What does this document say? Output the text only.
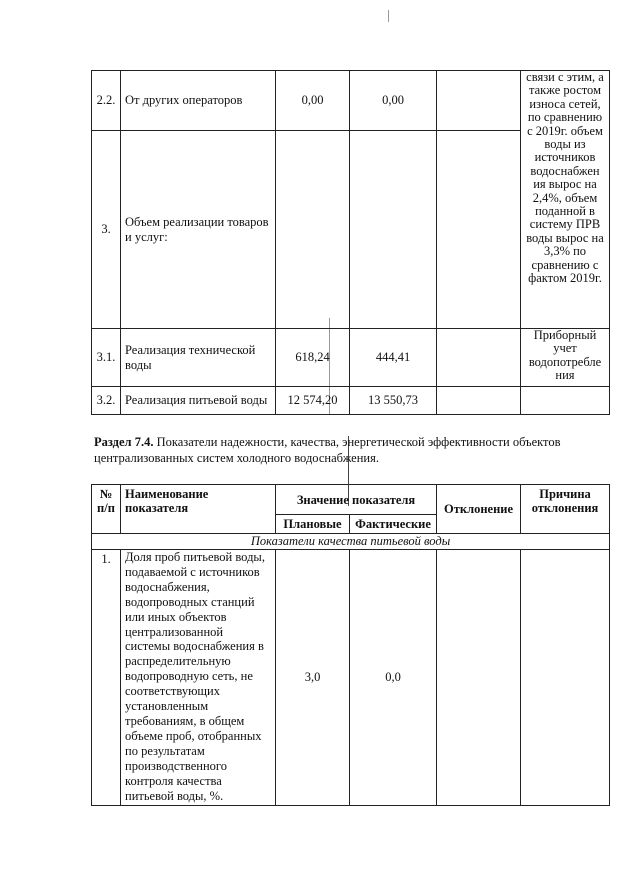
2.2.	От других операторов	0,00	0,00		связи с этим, а также ростом износа сетей, по сравнению с 2019г. объем воды из источников водоснабжен ия вырос на 2,4%, объем поданной в систему ПРВ воды вырос на 3,3% по сравнению с фактом 2019г.
3.	Объем реализации товаров и услуг:				
3.1.	Реализация технической воды	618,24	444,41		Приборный учет водопотребле ния
3.2.	Реализация питьевой воды	12 574,20	13 550,73		
Раздел 7.4. Показатели надежности, качества, энергетической эффективности объектов централизованных систем холодного водоснабжения.
№ п/п	Наименование показателя	Значение показателя		Отклонение	Причина отклонения
		Плановые	Фактические		
Показатели качества питьевой воды					
1.	Доля проб питьевой воды, подаваемой с источников водоснабжения, водопроводных станций или иных объектов централизованной системы водоснабжения в распределительную водопроводную сеть, не соответствующих установленным требованиям, в общем объеме проб, отобранных по результатам производственного контроля качества питьевой воды, %.	3,0	0,0		
